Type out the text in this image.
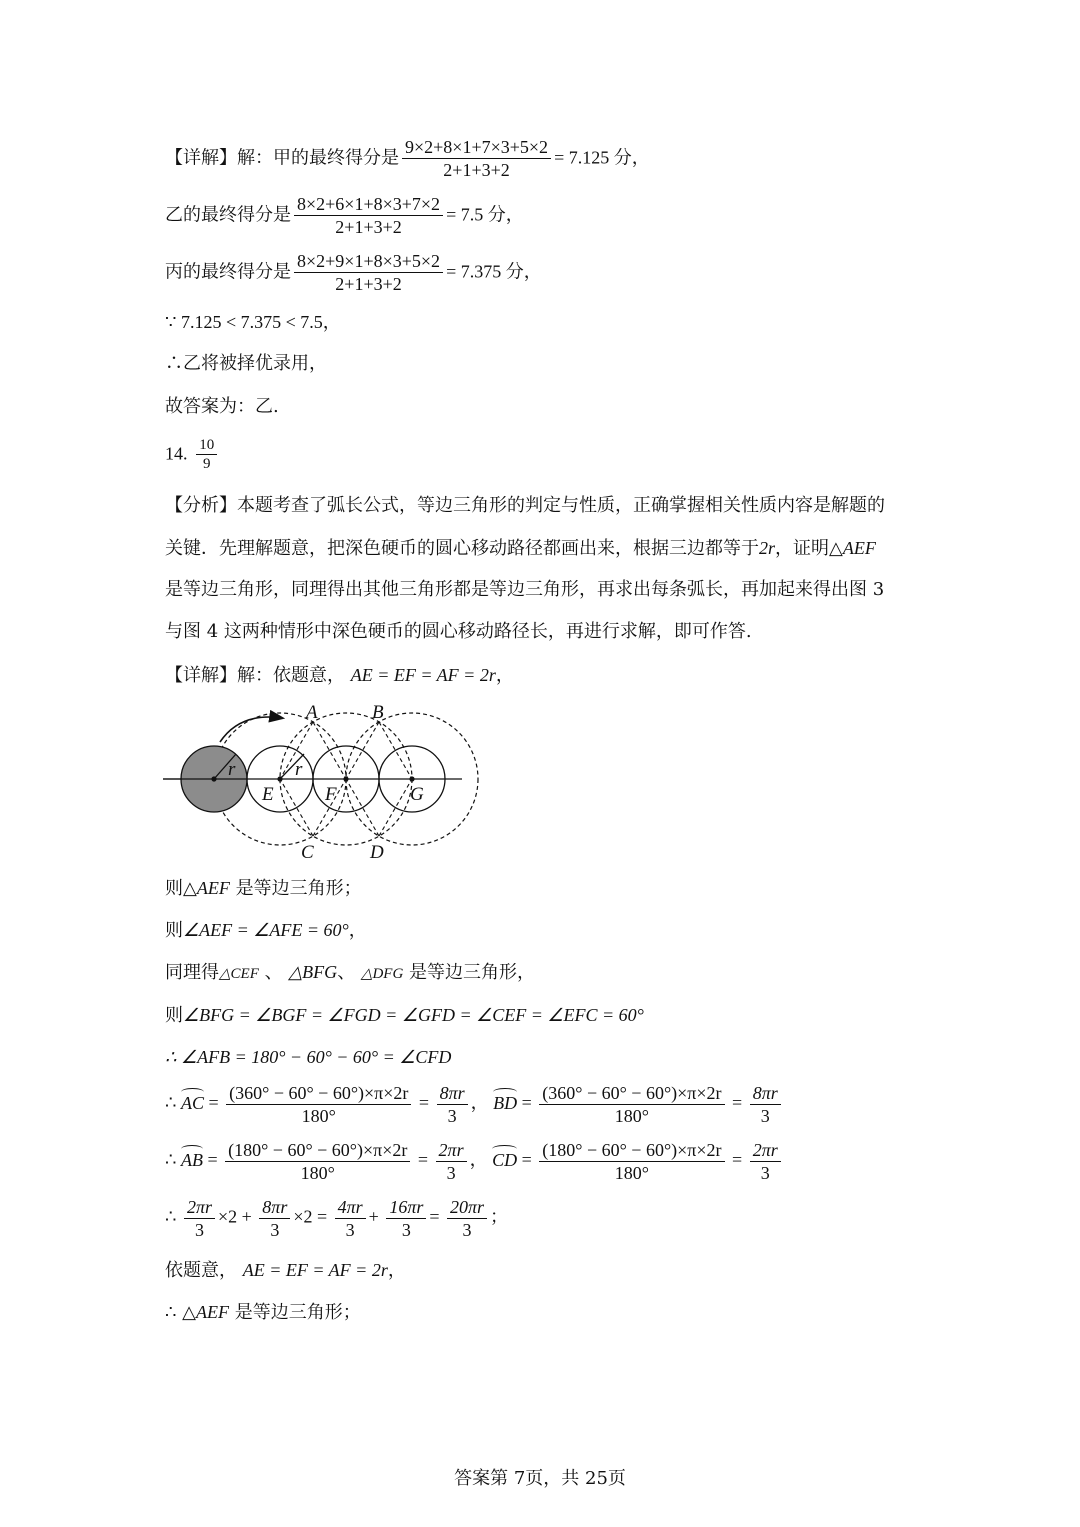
【详解】解：甲的最终得分是 $\frac{9\times 2+8\times 1+7\times 3+5\times 2}{2+1+3+2} = 7.125$ 分，
乙的最终得分是 $\frac{8\times 2+6\times 1+8\times 3+7\times 2}{2+1+3+2} = 7.5$ 分，
丙的最终得分是 $\frac{8\times 2+9\times 1+8\times 3+5\times 2}{2+1+3+2} = 7.375$ 分，
∵ 7.125 < 7.375 < 7.5，
∴乙将被择优录用，
故答案为：乙.
14. $\frac{10}{9}$
【分析】本题考查了弧长公式，等边三角形的判定与性质，正确掌握相关性质内容是解题的
关键．先理解题意，把深色硬币的圆心移动路径都画出来，根据三边都等于2r，证明△AEF
是等边三角形，同理得出其他三角形都是等边三角形，再求出每条弧长，再加起来得出图 3
与图 4 这两种情形中深色硬币的圆心移动路径长，再进行求解，即可作答.
【详解】解：依题意， AE = EF = AF = 2r，
A	B
C	D
E	F	G
r	r
则△AEF 是等边三角形；
则∠AEF = ∠AFE = 60°，
同理得△CEF 、 △BFG、 △DFG 是等边三角形，
则∠BFG = ∠BGF = ∠FGD = ∠GFD = ∠CEF = ∠EFC = 60°
∴ ∠AFB = 180° − 60° − 60° = ∠CFD
∴ AC = $\frac{(360^\circ - 60^\circ - 60^\circ)\times\pi\times 2r}{180^\circ} = \frac{8\pi r}{3}$ ， BD = $\frac{(360^\circ - 60^\circ - 60^\circ)\times\pi\times 2r}{180^\circ} = \frac{8\pi r}{3}$
∴ AB = $\frac{(180^\circ - 60^\circ - 60^\circ)\times\pi\times 2r}{180^\circ} = \frac{2\pi r}{3}$ ， CD = $\frac{(180^\circ - 60^\circ - 60^\circ)\times\pi\times 2r}{180^\circ} = \frac{2\pi r}{3}$
∴ $\frac{2\pi r}{3} \times 2 + \frac{8\pi r}{3} \times 2 = \frac{4\pi r}{3} + \frac{16\pi r}{3} = \frac{20\pi r}{3}$ ；
依题意， AE = EF = AF = 2r，
∴ △AEF 是等边三角形；
答案第 7页，共 25页
